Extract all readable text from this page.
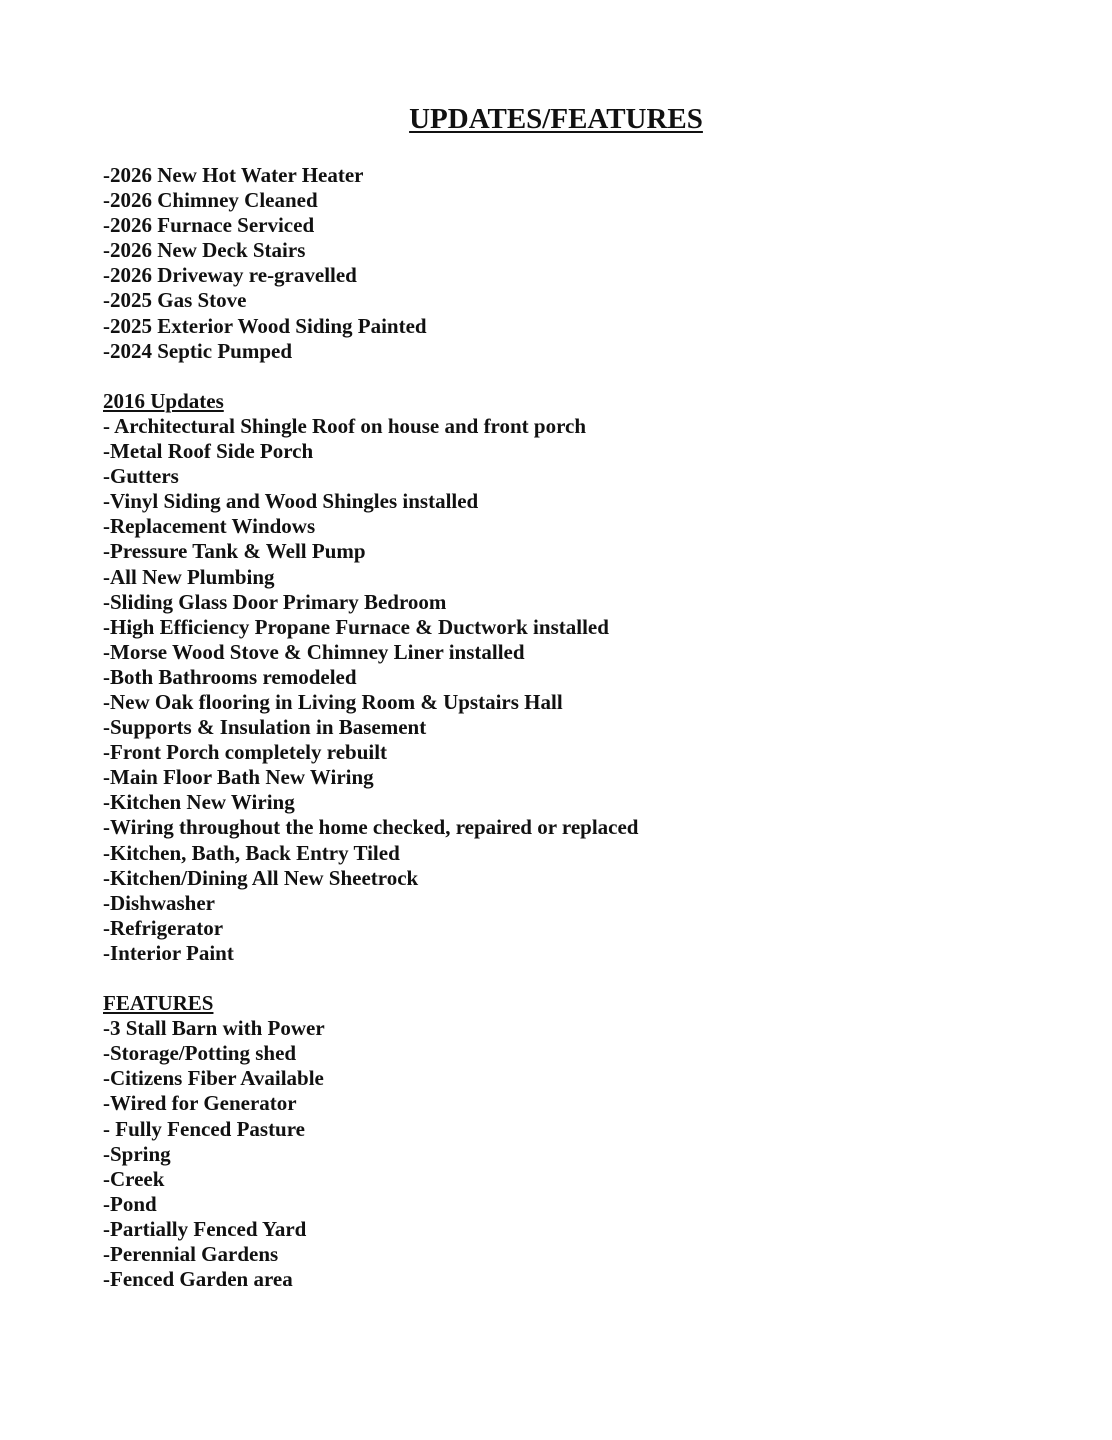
UPDATES/FEATURES
-2026 New Hot Water Heater
-2026 Chimney Cleaned
-2026 Furnace Serviced
-2026 New Deck Stairs
-2026 Driveway re-gravelled
-2025 Gas Stove
-2025 Exterior Wood Siding Painted
-2024 Septic Pumped
2016 Updates
- Architectural Shingle Roof on house and front porch
-Metal Roof Side Porch
-Gutters
-Vinyl Siding and Wood Shingles installed
-Replacement Windows
-Pressure Tank & Well Pump
-All New Plumbing
-Sliding Glass Door Primary Bedroom
-High Efficiency Propane Furnace & Ductwork installed
-Morse Wood Stove & Chimney Liner installed
-Both Bathrooms remodeled
-New Oak flooring in Living Room & Upstairs Hall
-Supports & Insulation in Basement
-Front Porch completely rebuilt
-Main Floor Bath New Wiring
-Kitchen New Wiring
-Wiring throughout the home checked, repaired or replaced
-Kitchen, Bath, Back Entry Tiled
-Kitchen/Dining All New Sheetrock
-Dishwasher
-Refrigerator
-Interior Paint
FEATURES
-3 Stall Barn with Power
-Storage/Potting shed
-Citizens Fiber Available
-Wired for Generator
- Fully Fenced Pasture
-Spring
-Creek
-Pond
-Partially Fenced Yard
-Perennial Gardens
-Fenced Garden area
